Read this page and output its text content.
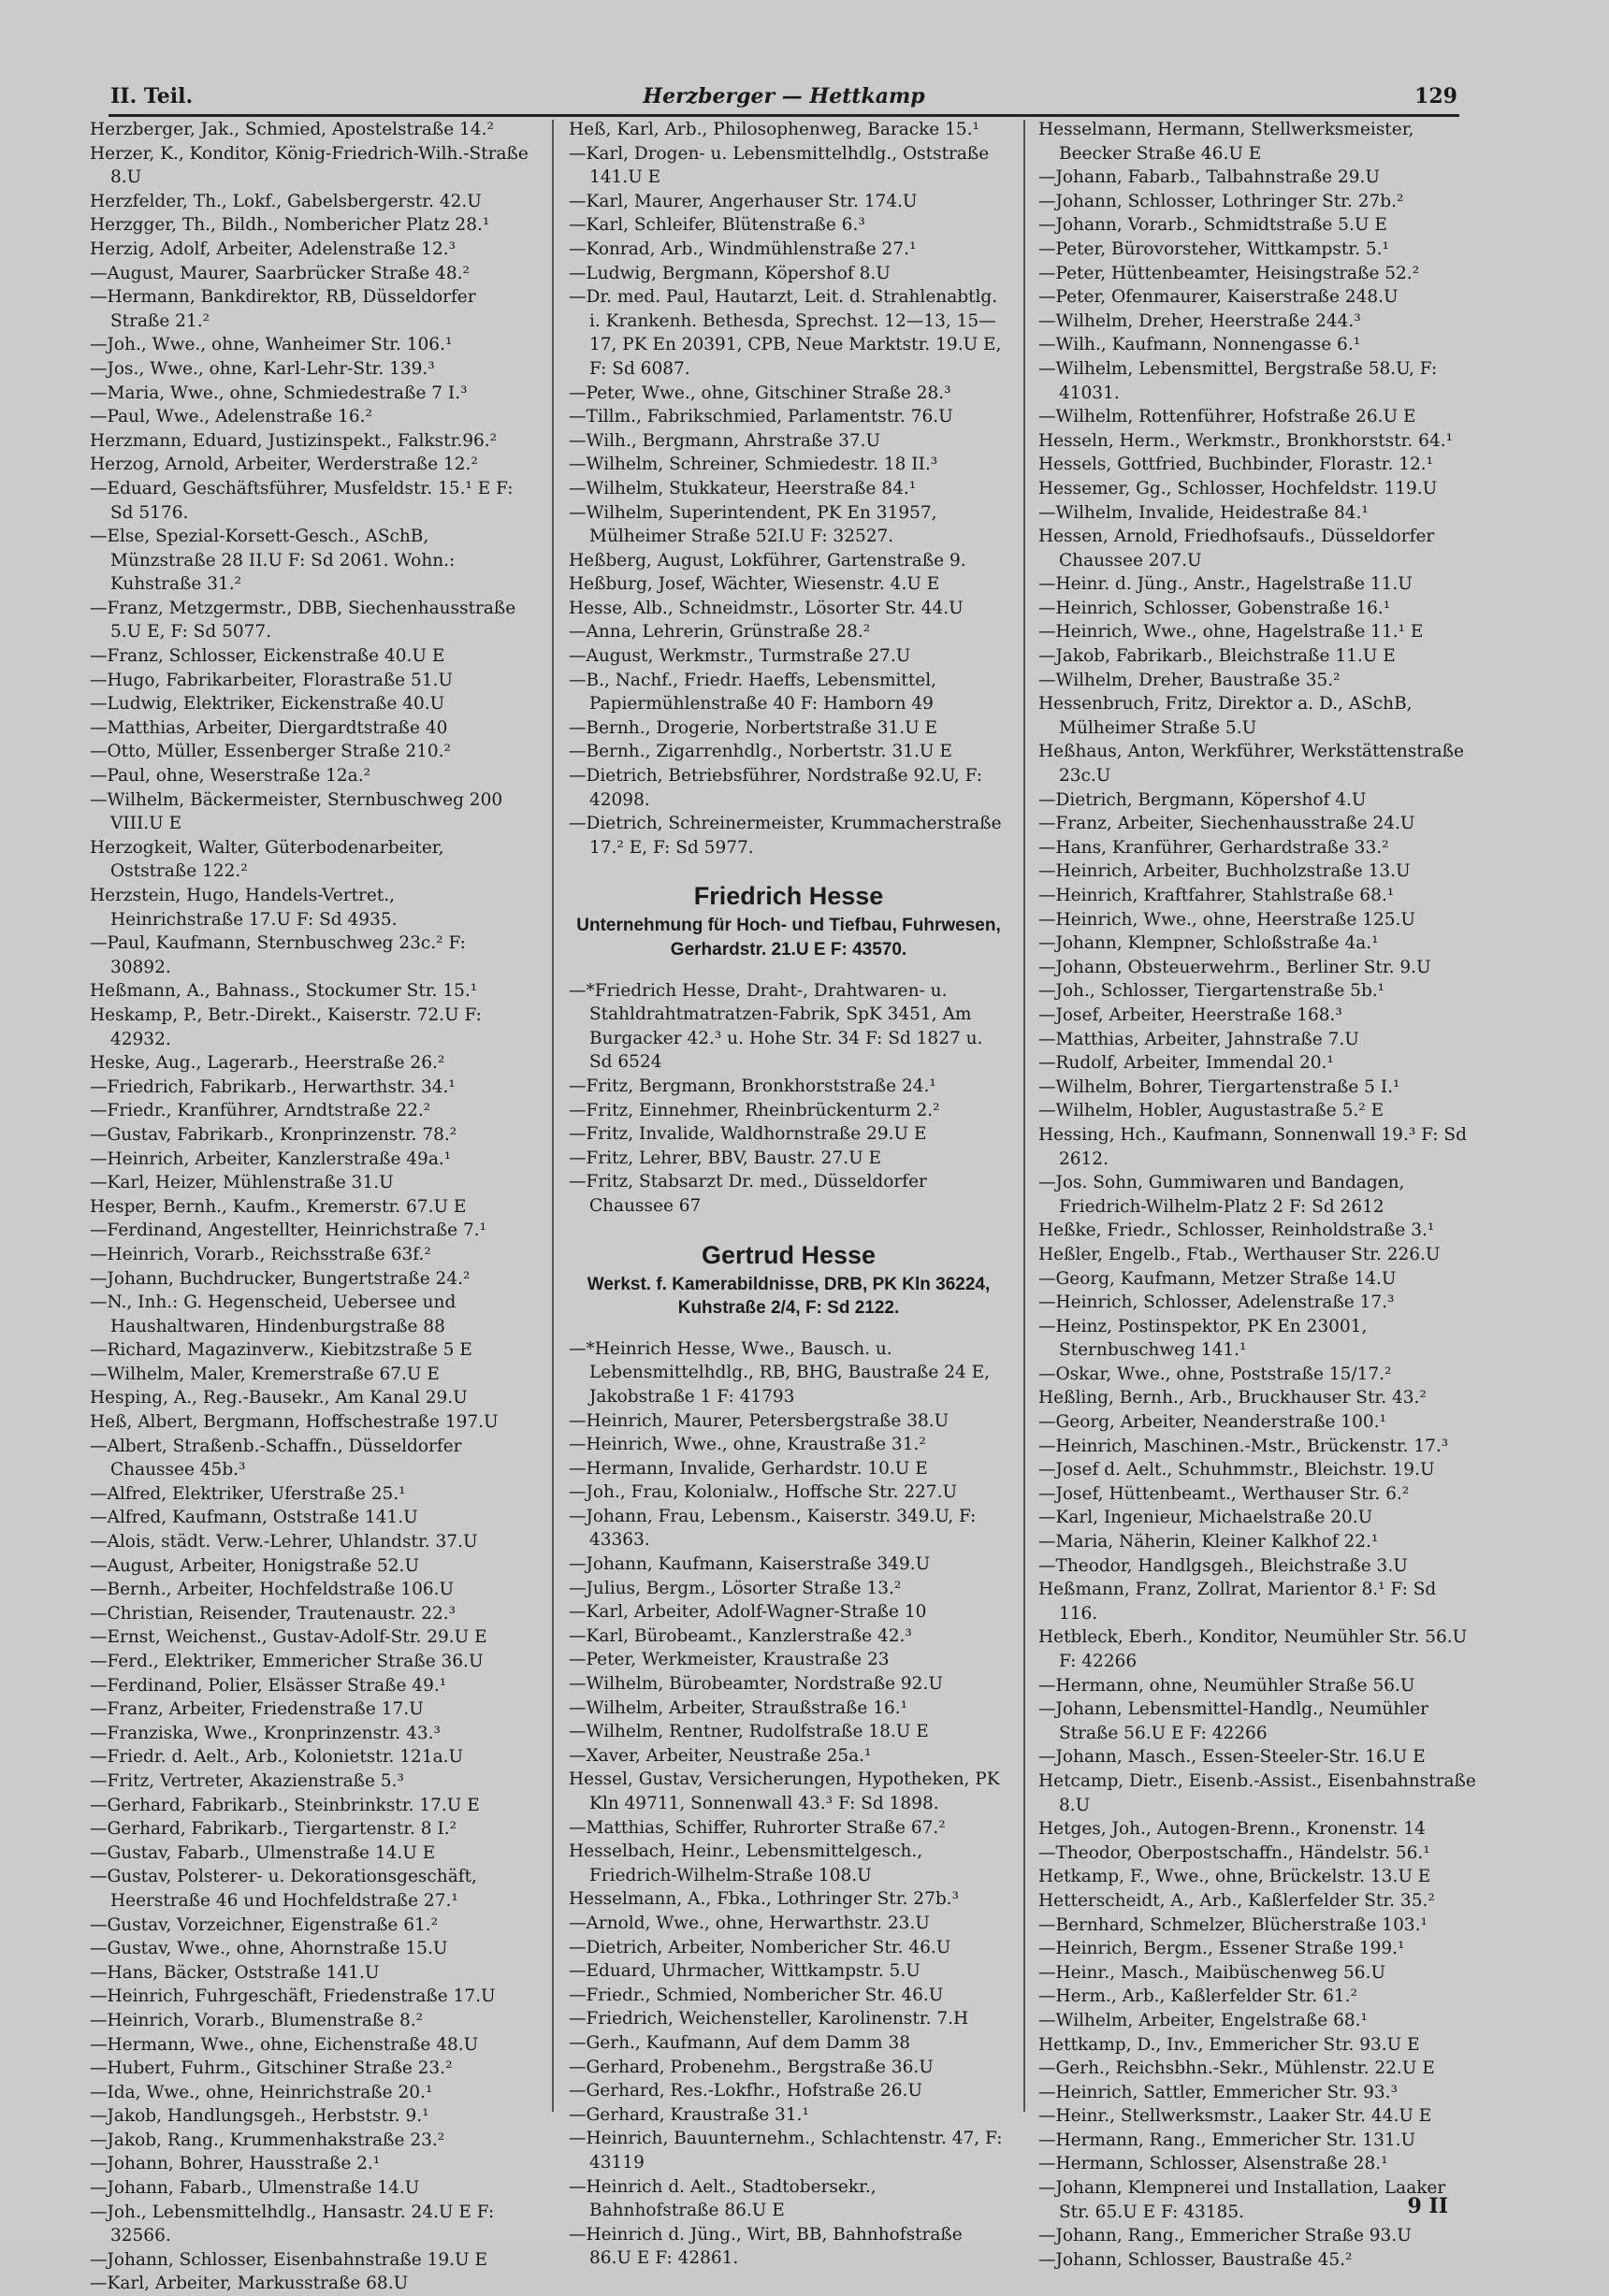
II. Teil.	Herzberger — Hettkamp	129

Herzberger, Jak., Schmied, Apostelstraße 14.²

Herzer, K., Konditor, König-Friedrich-Wilh.-Straße 8.U

Herzfelder, Th., Lokf., Gabelsbergerstr. 42.U

Herzgger, Th., Bildh., Nombericher Platz 28.¹

Herzig, Adolf, Arbeiter, Adelenstraße 12.³

—August, Maurer, Saarbrücker Straße 48.²

—Hermann, Bankdirektor, RB, Düsseldorfer Straße 21.²

—Joh., Wwe., ohne, Wanheimer Str. 106.¹

—Jos., Wwe., ohne, Karl-Lehr-Str. 139.³

—Maria, Wwe., ohne, Schmiedestraße 7 I.³

—Paul, Wwe., Adelenstraße 16.²

Herzmann, Eduard, Justizinspekt., Falkstr.96.²

Herzog, Arnold, Arbeiter, Werderstraße 12.²

—Eduard, Geschäftsführer, Musfeldstr. 15.¹ E F: Sd 5176.

—Else, Spezial-Korsett-Gesch., ASchB, Münzstraße 28 II.U F: Sd 2061. Wohn.: Kuhstraße 31.²

—Franz, Metzgermstr., DBB, Siechenhausstraße 5.U E, F: Sd 5077.

—Franz, Schlosser, Eickenstraße 40.U E

—Hugo, Fabrikarbeiter, Florastraße 51.U

—Ludwig, Elektriker, Eickenstraße 40.U

—Matthias, Arbeiter, Diergardtstraße 40

—Otto, Müller, Essenberger Straße 210.²

—Paul, ohne, Weserstraße 12a.²

—Wilhelm, Bäckermeister, Sternbuschweg 200 VIII.U E

Herzogkeit, Walter, Güterbodenarbeiter, Oststraße 122.²

Herzstein, Hugo, Handels-Vertret., Heinrichstraße 17.U F: Sd 4935.

—Paul, Kaufmann, Sternbuschweg 23c.² F: 30892.

Heßmann, A., Bahnass., Stockumer Str. 15.¹

Heskamp, P., Betr.-Direkt., Kaiserstr. 72.U F: 42932.

Heske, Aug., Lagerarb., Heerstraße 26.²

—Friedrich, Fabrikarb., Herwarthstr. 34.¹

—Friedr., Kranführer, Arndtstraße 22.²

—Gustav, Fabrikarb., Kronprinzenstr. 78.²

—Heinrich, Arbeiter, Kanzlerstraße 49a.¹

—Karl, Heizer, Mühlenstraße 31.U

Hesper, Bernh., Kaufm., Kremerstr. 67.U E

—Ferdinand, Angestellter, Heinrichstraße 7.¹

—Heinrich, Vorarb., Reichsstraße 63f.²

—Johann, Buchdrucker, Bungertstraße 24.²

—N., Inh.: G. Hegenscheid, Uebersee und Haushaltwaren, Hindenburgstraße 88

—Richard, Magazinverw., Kiebitzstraße 5 E

—Wilhelm, Maler, Kremerstraße 67.U E

Hesping, A., Reg.-Bausekr., Am Kanal 29.U

Heß, Albert, Bergmann, Hoffschestraße 197.U

—Albert, Straßenb.-Schaffn., Düsseldorfer Chaussee 45b.³

—Alfred, Elektriker, Uferstraße 25.¹

—Alfred, Kaufmann, Oststraße 141.U

—Alois, städt. Verw.-Lehrer, Uhlandstr. 37.U

—August, Arbeiter, Honigstraße 52.U

—Bernh., Arbeiter, Hochfeldstraße 106.U

—Christian, Reisender, Trautenaustr. 22.³

—Ernst, Weichenst., Gustav-Adolf-Str. 29.U E

—Ferd., Elektriker, Emmericher Straße 36.U

—Ferdinand, Polier, Elsässer Straße 49.¹

—Franz, Arbeiter, Friedenstraße 17.U

—Franziska, Wwe., Kronprinzenstr. 43.³

—Friedr. d. Aelt., Arb., Kolonietstr. 121a.U

—Fritz, Vertreter, Akazienstraße 5.³

—Gerhard, Fabrikarb., Steinbrinkstr. 17.U E

—Gerhard, Fabrikarb., Tiergartenstr. 8 I.²

—Gustav, Fabarb., Ulmenstraße 14.U E

—Gustav, Polsterer- u. Dekorationsgeschäft, Heerstraße 46 und Hochfeldstraße 27.¹

—Gustav, Vorzeichner, Eigenstraße 61.²

—Gustav, Wwe., ohne, Ahornstraße 15.U

—Hans, Bäcker, Oststraße 141.U

—Heinrich, Fuhrgeschäft, Friedenstraße 17.U

—Heinrich, Vorarb., Blumenstraße 8.²

—Hermann, Wwe., ohne, Eichenstraße 48.U

—Hubert, Fuhrm., Gitschiner Straße 23.²

—Ida, Wwe., ohne, Heinrichstraße 20.¹

—Jakob, Handlungsgeh., Herbststr. 9.¹

—Jakob, Rang., Krummenhakstraße 23.²

—Johann, Bohrer, Hausstraße 2.¹

—Johann, Fabarb., Ulmenstraße 14.U

—Joh., Lebensmittelhdlg., Hansastr. 24.U E F: 32566.

—Johann, Schlosser, Eisenbahnstraße 19.U E

—Karl, Arbeiter, Markusstraße 68.U

Heß, Karl, Arb., Philosophenweg, Baracke 15.¹

—Karl, Drogen- u. Lebensmittelhdlg., Oststraße 141.U E

—Karl, Maurer, Angerhauser Str. 174.U

—Karl, Schleifer, Blütenstraße 6.³

—Konrad, Arb., Windmühlenstraße 27.¹

—Ludwig, Bergmann, Köpershof 8.U

—Dr. med. Paul, Hautarzt, Leit. d. Strahlenabtlg. i. Krankenh. Bethesda, Sprechst. 12—13, 15—17, PK En 20391, CPB, Neue Marktstr. 19.U E, F: Sd 6087.

—Peter, Wwe., ohne, Gitschiner Straße 28.³

—Tillm., Fabrikschmied, Parlamentstr. 76.U

—Wilh., Bergmann, Ahrstraße 37.U

—Wilhelm, Schreiner, Schmiedestr. 18 II.³

—Wilhelm, Stukkateur, Heerstraße 84.¹

—Wilhelm, Superintendent, PK En 31957, Mülheimer Straße 52I.U F: 32527.

Heßberg, August, Lokführer, Gartenstraße 9.

Heßburg, Josef, Wächter, Wiesenstr. 4.U E

Hesse, Alb., Schneidmstr., Lösorter Str. 44.U

—Anna, Lehrerin, Grünstraße 28.²

—August, Werkmstr., Turmstraße 27.U

—B., Nachf., Friedr. Haeffs, Lebensmittel, Papiermühlenstraße 40 F: Hamborn 49

—Bernh., Drogerie, Norbertstraße 31.U E

—Bernh., Zigarrenhdlg., Norbertstr. 31.U E

—Dietrich, Betriebsführer, Nordstraße 92.U, F: 42098.

—Dietrich, Schreinermeister, Krummacherstraße 17.² E, F: Sd 5977.

Friedrich Hesse
Unternehmung für Hoch- und Tiefbau, Fuhrwesen, Gerhardstr. 21.U E F: 43570.

—*Friedrich Hesse, Draht-, Drahtwaren- u. Stahldrahtmatratzen-Fabrik, SpK 3451, Am Burgacker 42.³ u. Hohe Str. 34 F: Sd 1827 u. Sd 6524

—Fritz, Bergmann, Bronkhorststraße 24.¹

—Fritz, Einnehmer, Rheinbrückenturm 2.²

—Fritz, Invalide, Waldhornstraße 29.U E

—Fritz, Lehrer, BBV, Baustr. 27.U E

—Fritz, Stabsarzt Dr. med., Düsseldorfer Chaussee 67

Gertrud Hesse
Werkst. f. Kamerabildnisse, DRB, PK Kln 36224, Kuhstraße 2/4, F: Sd 2122.

—*Heinrich Hesse, Wwe., Bausch. u. Lebensmittelhdlg., RB, BHG, Baustraße 24 E, Jakobstraße 1 F: 41793

—Heinrich, Maurer, Petersbergstraße 38.U

—Heinrich, Wwe., ohne, Kraustraße 31.²

—Hermann, Invalide, Gerhardstr. 10.U E

—Joh., Frau, Kolonialw., Hoffsche Str. 227.U

—Johann, Frau, Lebensm., Kaiserstr. 349.U, F: 43363.

—Johann, Kaufmann, Kaiserstraße 349.U

—Julius, Bergm., Lösorter Straße 13.²

—Karl, Arbeiter, Adolf-Wagner-Straße 10

—Karl, Bürobeamt., Kanzlerstraße 42.³

—Peter, Werkmeister, Kraustraße 23

—Wilhelm, Bürobeamter, Nordstraße 92.U

—Wilhelm, Arbeiter, Straußstraße 16.¹

—Wilhelm, Rentner, Rudolfstraße 18.U E

—Xaver, Arbeiter, Neustraße 25a.¹

Hessel, Gustav, Versicherungen, Hypotheken, PK Kln 49711, Sonnenwall 43.³ F: Sd 1898.

—Matthias, Schiffer, Ruhrorter Straße 67.²

Hesselbach, Heinr., Lebensmittelgesch., Friedrich-Wilhelm-Straße 108.U

Hesselmann, A., Fbka., Lothringer Str. 27b.³

—Arnold, Wwe., ohne, Herwarthstr. 23.U

—Dietrich, Arbeiter, Nombericher Str. 46.U

—Eduard, Uhrmacher, Wittkampstr. 5.U

—Friedr., Schmied, Nombericher Str. 46.U

—Friedrich, Weichensteller, Karolinenstr. 7.H

—Gerh., Kaufmann, Auf dem Damm 38

—Gerhard, Probenehm., Bergstraße 36.U

—Gerhard, Res.-Lokfhr., Hofstraße 26.U

—Gerhard, Kraustraße 31.¹

—Heinrich, Bauunternehm., Schlachtenstr. 47, F: 43119

—Heinrich d. Aelt., Stadtobersekr., Bahnhofstraße 86.U E

—Heinrich d. Jüng., Wirt, BB, Bahnhofstraße 86.U E F: 42861.

Hesselmann, Hermann, Stellwerksmeister, Beecker Straße 46.U E

—Johann, Fabarb., Talbahnstraße 29.U

—Johann, Schlosser, Lothringer Str. 27b.²

—Johann, Vorarb., Schmidtstraße 5.U E

—Peter, Bürovorsteher, Wittkampstr. 5.¹

—Peter, Hüttenbeamter, Heisingstraße 52.²

—Peter, Ofenmaurer, Kaiserstraße 248.U

—Wilhelm, Dreher, Heerstraße 244.³

—Wilh., Kaufmann, Nonnengasse 6.¹

—Wilhelm, Lebensmittel, Bergstraße 58.U, F: 41031.

—Wilhelm, Rottenführer, Hofstraße 26.U E

Hesseln, Herm., Werkmstr., Bronkhorststr. 64.¹

Hessels, Gottfried, Buchbinder, Florastr. 12.¹

Hessemer, Gg., Schlosser, Hochfeldstr. 119.U

—Wilhelm, Invalide, Heidestraße 84.¹

Hessen, Arnold, Friedhofsaufs., Düsseldorfer Chaussee 207.U

—Heinr. d. Jüng., Anstr., Hagelstraße 11.U

—Heinrich, Schlosser, Gobenstraße 16.¹

—Heinrich, Wwe., ohne, Hagelstraße 11.¹ E

—Jakob, Fabrikarb., Bleichstraße 11.U E

—Wilhelm, Dreher, Baustraße 35.²

Hessenbruch, Fritz, Direktor a. D., ASchB, Mülheimer Straße 5.U

Heßhaus, Anton, Werkführer, Werkstättenstraße 23c.U

—Dietrich, Bergmann, Köpershof 4.U

—Franz, Arbeiter, Siechenhausstraße 24.U

—Hans, Kranführer, Gerhardstraße 33.²

—Heinrich, Arbeiter, Buchholzstraße 13.U

—Heinrich, Kraftfahrer, Stahlstraße 68.¹

—Heinrich, Wwe., ohne, Heerstraße 125.U

—Johann, Klempner, Schloßstraße 4a.¹

—Johann, Obsteuerwehrm., Berliner Str. 9.U

—Joh., Schlosser, Tiergartenstraße 5b.¹

—Josef, Arbeiter, Heerstraße 168.³

—Matthias, Arbeiter, Jahnstraße 7.U

—Rudolf, Arbeiter, Immendal 20.¹

—Wilhelm, Bohrer, Tiergartenstraße 5 I.¹

—Wilhelm, Hobler, Augustastraße 5.² E

Hessing, Hch., Kaufmann, Sonnenwall 19.³ F: Sd 2612.

—Jos. Sohn, Gummiwaren und Bandagen, Friedrich-Wilhelm-Platz 2 F: Sd 2612

Heßke, Friedr., Schlosser, Reinholdstraße 3.¹

Heßler, Engelb., Ftab., Werthauser Str. 226.U

—Georg, Kaufmann, Metzer Straße 14.U

—Heinrich, Schlosser, Adelenstraße 17.³

—Heinz, Postinspektor, PK En 23001, Sternbuschweg 141.¹

—Oskar, Wwe., ohne, Poststraße 15/17.²

Heßling, Bernh., Arb., Bruckhauser Str. 43.²

—Georg, Arbeiter, Neanderstraße 100.¹

—Heinrich, Maschinen.-Mstr., Brückenstr. 17.³

—Josef d. Aelt., Schuhmmstr., Bleichstr. 19.U

—Josef, Hüttenbeamt., Werthauser Str. 6.²

—Karl, Ingenieur, Michaelstraße 20.U

—Maria, Näherin, Kleiner Kalkhof 22.¹

—Theodor, Handlgsgeh., Bleichstraße 3.U

Heßmann, Franz, Zollrat, Marientor 8.¹ F: Sd 116.

Hetbleck, Eberh., Konditor, Neumühler Str. 56.U F: 42266

—Hermann, ohne, Neumühler Straße 56.U

—Johann, Lebensmittel-Handlg., Neumühler Straße 56.U E F: 42266

—Johann, Masch., Essen-Steeler-Str. 16.U E

Hetcamp, Dietr., Eisenb.-Assist., Eisenbahnstraße 8.U

Hetges, Joh., Autogen-Brenn., Kronenstr. 14

—Theodor, Oberpostschaffn., Händelstr. 56.¹

Hetkamp, F., Wwe., ohne, Brückelstr. 13.U E

Hetterscheidt, A., Arb., Kaßlerfelder Str. 35.²

—Bernhard, Schmelzer, Blücherstraße 103.¹

—Heinrich, Bergm., Essener Straße 199.¹

—Heinr., Masch., Maibüschenweg 56.U

—Herm., Arb., Kaßlerfelder Str. 61.²

—Wilhelm, Arbeiter, Engelstraße 68.¹

Hettkamp, D., Inv., Emmericher Str. 93.U E

—Gerh., Reichsbhn.-Sekr., Mühlenstr. 22.U E

—Heinrich, Sattler, Emmericher Str. 93.³

—Heinr., Stellwerksmstr., Laaker Str. 44.U E

—Hermann, Rang., Emmericher Str. 131.U

—Hermann, Schlosser, Alsenstraße 28.¹

—Johann, Klempnerei und Installation, Laaker Str. 65.U E F: 43185.

—Johann, Rang., Emmericher Straße 93.U

—Johann, Schlosser, Baustraße 45.²

9 II
